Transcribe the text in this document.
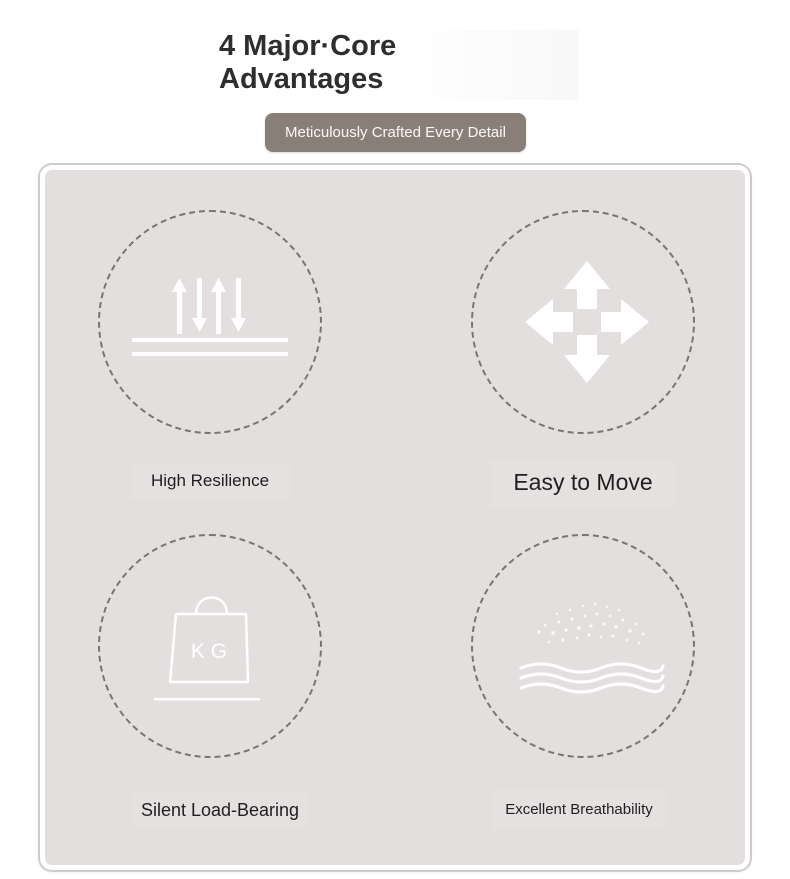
4 Major·Core
Advantages
Meticulously Crafted Every Detail
High Resilience	Easy to Move
K G
Silent Load-Bearing	Excellent Breathability
